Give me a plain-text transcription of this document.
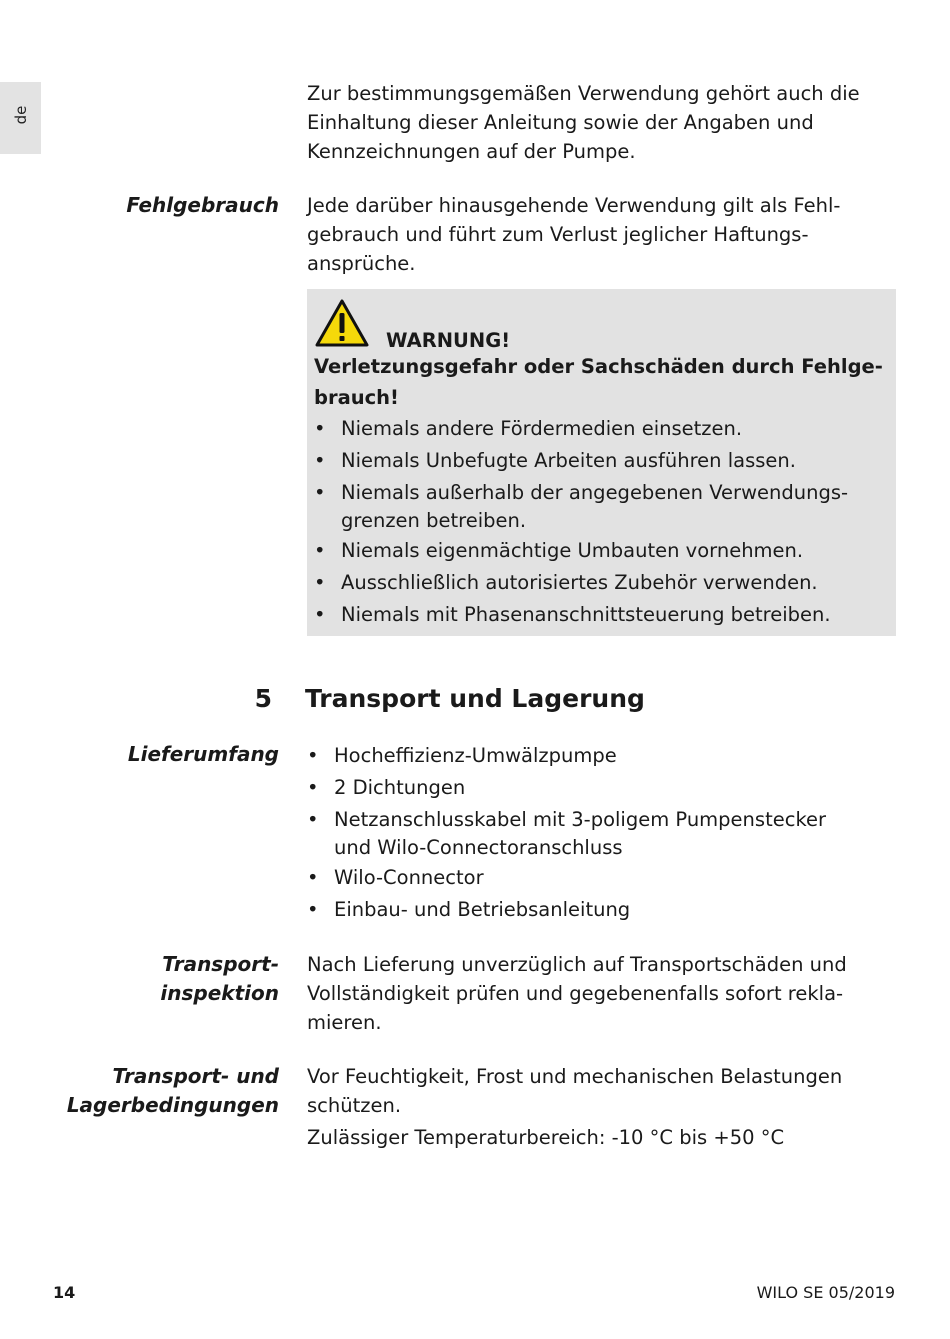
de
Zur bestimmungsgemäßen Verwendung gehört auch die
Einhaltung dieser Anleitung sowie der Angaben und
Kennzeichnungen auf der Pumpe.
Fehlgebrauch Jede darüber hinausgehende Verwendung gilt als Fehl-
gebrauch und führt zum Verlust jeglicher Haftungs-
ansprüche.
WARNUNG!
Verletzungsgefahr oder Sachschäden durch Fehlge-
brauch!
• Niemals andere Fördermedien einsetzen.
• Niemals Unbefugte Arbeiten ausführen lassen.
• Niemals außerhalb der angegebenen Verwendungs-
grenzen betreiben.
• Niemals eigenmächtige Umbauten vornehmen.
• Ausschließlich autorisiertes Zubehör verwenden.
• Niemals mit Phasenanschnittsteuerung betreiben.
5 Transport und Lagerung
Lieferumfang
•	Hocheffizienz-Umwälzpumpe
• 2 Dichtungen
• Netzanschlusskabel mit 3-poligem Pumpenstecker
und Wilo-Connectoranschluss
• Wilo-Connector
• Einbau- und Betriebsanleitung
Transport-
inspektion
Nach Lieferung unverzüglich auf Transportschäden und
Vollständigkeit prüfen und gegebenenfalls sofort rekla-
mieren.
Transport- und
Lagerbedingungen
Vor Feuchtigkeit, Frost und mechanischen Belastungen
schützen.
Zulässiger Temperaturbereich: -10 °C bis +50 °C
14	WILO SE 05/2019
